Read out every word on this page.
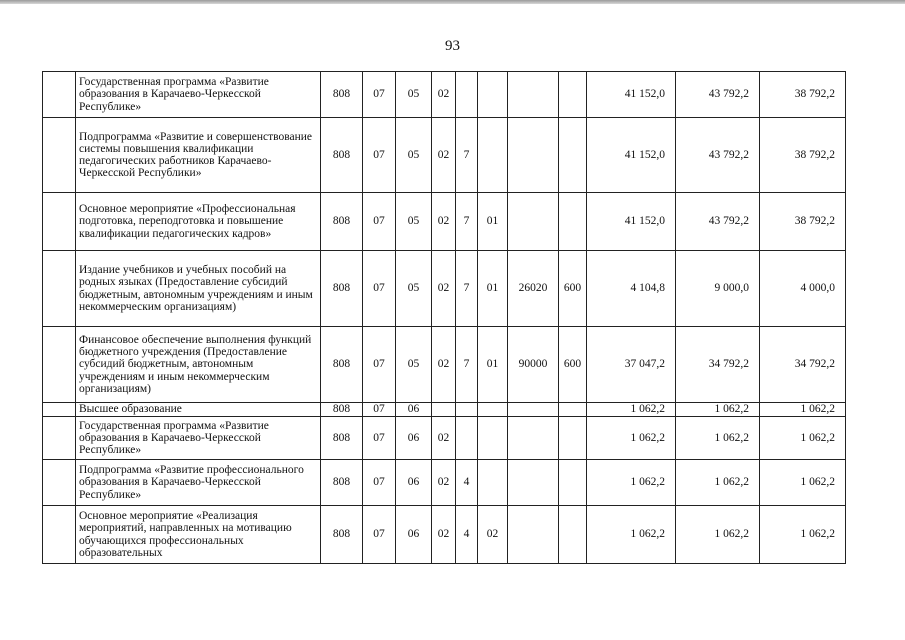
93
	Государственная программа «Развитие образования в Карачаево-Черкесской Республике»	808	07	05	02					41 152,0	43 792,2	38 792,2
	Подпрограмма «Развитие и совершенствование системы повышения квалификации педагогических работников Карачаево-Черкесской Республики»	808	07	05	02	7				41 152,0	43 792,2	38 792,2
	Основное мероприятие «Профессиональная подготовка, переподготовка и повышение квалификации педагогических кадров»	808	07	05	02	7	01			41 152,0	43 792,2	38 792,2
	Издание учебников и учебных пособий на родных языках (Предоставление субсидий бюджетным, автономным учреждениям и иным некоммерческим организациям)	808	07	05	02	7	01	26020	600	4 104,8	9 000,0	4 000,0
	Финансовое обеспечение выполнения функций бюджетного учреждения (Предоставление субсидий бюджетным, автономным учреждениям и иным некоммерческим организациям)	808	07	05	02	7	01	90000	600	37 047,2	34 792,2	34 792,2
	Высшее образование	808	07	06						1 062,2	1 062,2	1 062,2
	Государственная программа «Развитие образования в Карачаево-Черкесской Республике»	808	07	06	02					1 062,2	1 062,2	1 062,2
	Подпрограмма «Развитие профессионального образования в Карачаево-Черкесской Республике»	808	07	06	02	4				1 062,2	1 062,2	1 062,2
	Основное мероприятие «Реализация мероприятий, направленных на мотивацию обучающихся профессиональных образовательных	808	07	06	02	4	02			1 062,2	1 062,2	1 062,2
